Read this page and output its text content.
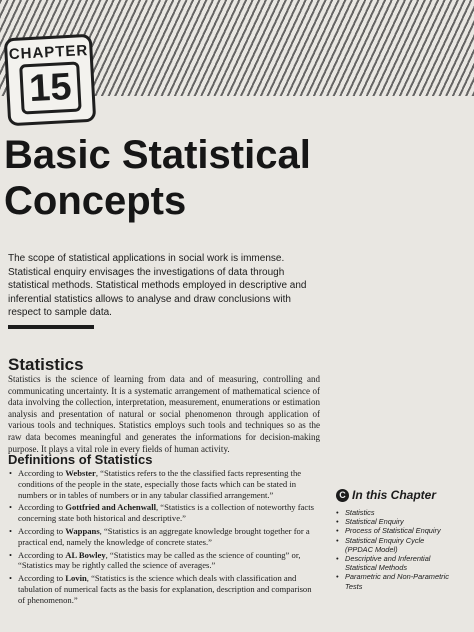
CHAPTER
15
Basic Statistical Concepts

The scope of statistical applications in social work is immense. Statistical enquiry envisages the investigations of data through statistical methods. Statistical methods employed in descriptive and inferential statistics allows to analyse and draw conclusions with respect to sample data.

Statistics

Statistics is the science of learning from data and of measuring, controlling and communicating uncertainty. It is a systematic arrangement of mathematical science of data involving the collection, interpretation, measurement, enumerations or estimation analysis and presentation of natural or social phenomenon through application of various tools and techniques. Statistics employs such tools and techniques so as the raw data becomes meaningful and generates the informations for decision-making purpose. It plays a vital role in every fields of human activity.

Definitions of Statistics
• According to Webster, “Statistics refers to the the classified facts representing the conditions of the people in the state, especially those facts which can be stated in numbers or in tables of numbers or in any tabular classified arrangement.”
• According to Gottfried and Achenwall, “Statistics is a collection of noteworthy facts concerning state both historical and descriptive.”
• According to Wappans, “Statistics is an aggregate knowledge brought together for a practical end, namely the knowledge of concrete states.”
• According to AL Bowley, “Statistics may be called as the science of counting” or, “Statistics may be rightly called the science of averages.”
• According to Lovin, “Statistics is the science which deals with classification and tabulation of numerical facts as the basis for explanation, description and comparison of phenomenon.”
C In this Chapter
• Statistics
• Statistical Enquiry
• Process of Statistical Enquiry
• Statistical Enquiry Cycle
(PPDAC Model)
• Descriptive and Inferential
Statistical Methods
• Parametric and Non-Parametric
Tests
